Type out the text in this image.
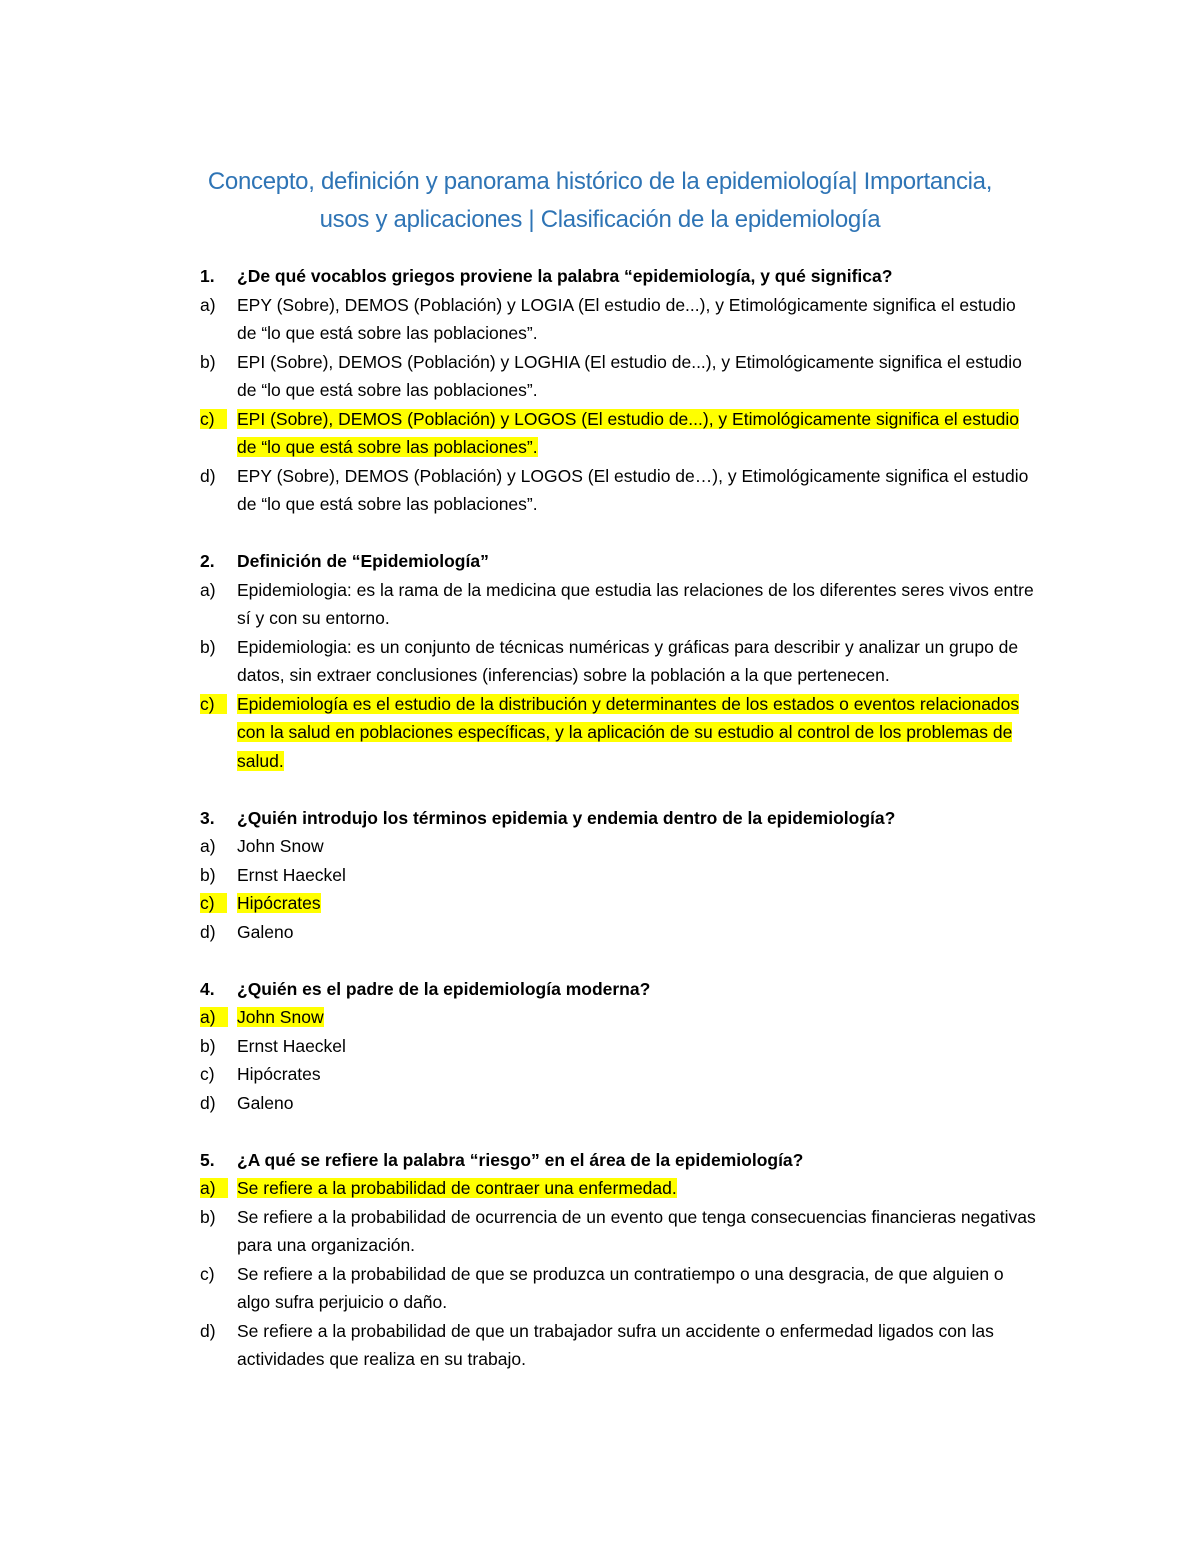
Concepto, definición y panorama histórico de la epidemiología| Importancia,
usos y aplicaciones | Clasificación de la epidemiología
1.	¿De qué vocablos griegos proviene la palabra “epidemiología, y qué significa?
a)	EPY (Sobre), DEMOS (Población) y LOGIA (El estudio de...), y Etimológicamente significa el estudio de “lo que está sobre las poblaciones”.
b)	EPI (Sobre), DEMOS (Población) y LOGHIA (El estudio de...), y Etimológicamente significa el estudio de “lo que está sobre las poblaciones”.
c)	EPI (Sobre), DEMOS (Población) y LOGOS (El estudio de...), y Etimológicamente significa el estudio de “lo que está sobre las poblaciones”.
d)	EPY (Sobre), DEMOS (Población) y LOGOS (El estudio de…), y Etimológicamente significa el estudio de “lo que está sobre las poblaciones”.
2.	Definición de “Epidemiología”
a)	Epidemiologia: es la rama de la medicina que estudia las relaciones de los diferentes seres vivos entre sí y con su entorno.
b)	Epidemiologia: es un conjunto de técnicas numéricas y gráficas para describir y analizar un grupo de datos, sin extraer conclusiones (inferencias) sobre la población a la que pertenecen.
c)	Epidemiología es el estudio de la distribución y determinantes de los estados o eventos relacionados con la salud en poblaciones específicas, y la aplicación de su estudio al control de los problemas de salud.
3.	¿Quién introdujo los términos epidemia y endemia dentro de la epidemiología?
a)	John Snow
b)	Ernst Haeckel
c)	Hipócrates
d)	Galeno
4.	¿Quién es el padre de la epidemiología moderna?
a)	John Snow
b)	Ernst Haeckel
c)	Hipócrates
d)	Galeno
5.	¿A qué se refiere la palabra “riesgo” en el área de la epidemiología?
a)	Se refiere a la probabilidad de contraer una enfermedad.
b)	Se refiere a la probabilidad de ocurrencia de un evento que tenga consecuencias financieras negativas para una organización.
c)	Se refiere a la probabilidad de que se produzca un contratiempo o una desgracia, de que alguien o algo sufra perjuicio o daño.
d)	Se refiere a la probabilidad de que un trabajador sufra un accidente o enfermedad ligados con las actividades que realiza en su trabajo.
